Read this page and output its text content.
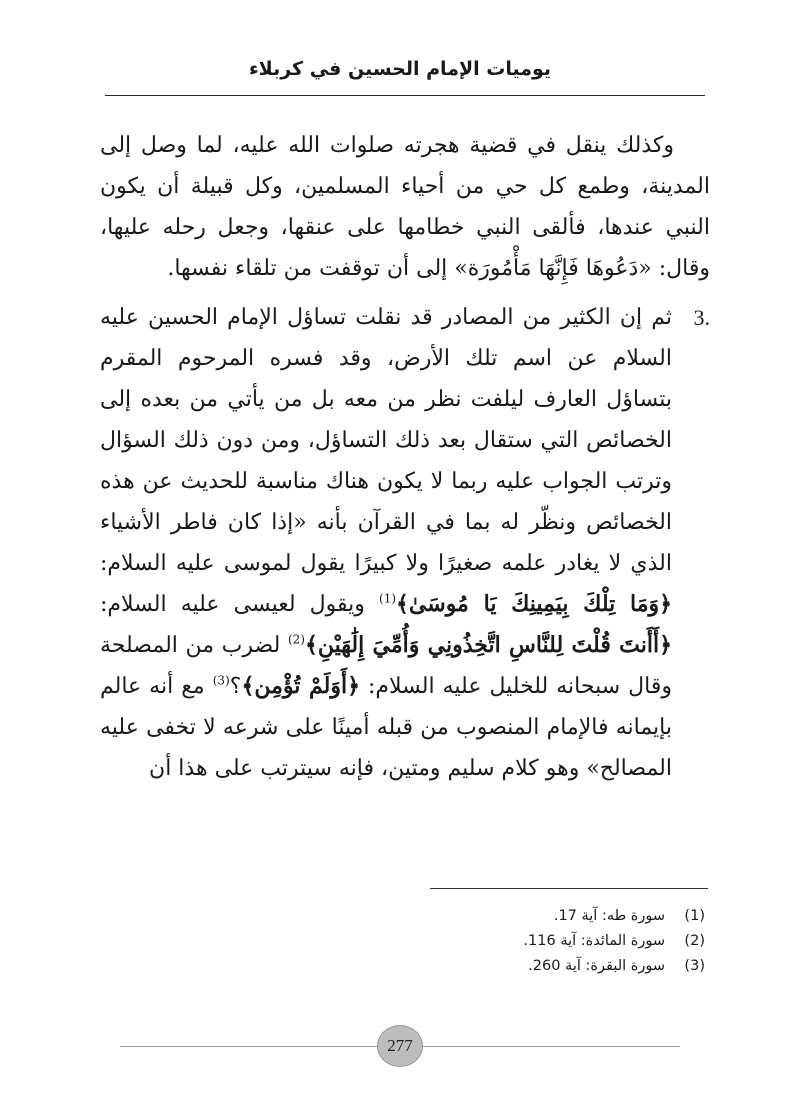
يوميات الإمام الحسين في كربلاء

وكذلك ينقل في قضية هجرته صلوات الله عليه، لما وصل إلى المدينة، وطمع كل حي من أحياء المسلمين، وكل قبيلة أن يكون النبي عندها، فألقى النبي خطامها على عنقها، وجعل رحله عليها، وقال: «دَعُوهَا فَإِنَّهَا مَأْمُورَة» إلى أن توقفت من تلقاء نفسها.

3.

ثم إن الكثير من المصادر قد نقلت تساؤل الإمام الحسين عليه السلام عن اسم تلك الأرض، وقد فسره المرحوم المقرم بتساؤل العارف ليلفت نظر من معه بل من يأتي من بعده إلى الخصائص التي ستقال بعد ذلك التساؤل، ومن دون ذلك السؤال وترتب الجواب عليه ربما لا يكون هناك مناسبة للحديث عن هذه الخصائص ونظّر له بما في القرآن بأنه «إذا كان فاطر الأشياء الذي لا يغادر علمه صغيرًا ولا كبيرًا يقول لموسى عليه السلام: ﴿وَمَا تِلْكَ بِيَمِينِكَ يَا مُوسَىٰ﴾$^{(1)}$ ويقول لعيسى عليه السلام: ﴿أَأَنتَ قُلْتَ لِلنَّاسِ اتَّخِذُونِي وَأُمِّيَ إِلَٰهَيْنِ﴾$^{(2)}$ لضرب من المصلحة وقال سبحانه للخليل عليه السلام: ﴿أَوَلَمْ تُؤْمِن﴾؟$^{(3)}$ مع أنه عالم بإيمانه فالإمام المنصوب من قبله أمينًا على شرعه لا تخفى عليه المصالح» وهو كلام سليم ومتين، فإنه سيترتب على هذا أن

(1)
سورة طه: آية 17.
(2)
سورة المائدة: آية 116.
(3)
سورة البقرة: آية 260.
277
